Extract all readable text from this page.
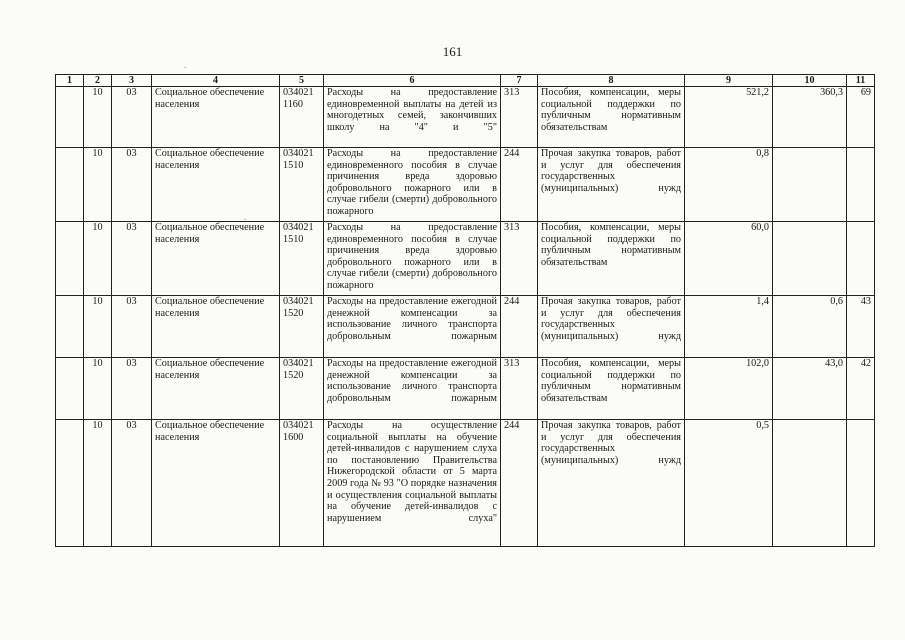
161
1	2	3	4	5	6	7	8	9	10	11
	10	03	Социальное обеспечение населения	034021 1160	Расходы на предоставление единовременной выплаты на детей из многодетных семей, закончивших школу на "4" и "5"	313	Пособия, компенсации, меры социальной поддержки по публичным нормативным обязательствам	521,2	360,3	69
	10	03	Социальное обеспечение населения	034021 1510	Расходы на предоставление единовременного пособия в случае причинения вреда здоровью добровольного пожарного или в случае гибели (смерти) добровольного пожарного	244	Прочая закупка товаров, работ и услуг для обеспечения государственных (муниципальных) нужд	0,8		
	10	03	Социальное обеспечение населения	034021 1510	Расходы на предоставление единовременного пособия в случае причинения вреда здоровью добровольного пожарного или в случае гибели (смерти) добровольного пожарного	313	Пособия, компенсации, меры социальной поддержки по публичным нормативным обязательствам	60,0		
	10	03	Социальное обеспечение населения	034021 1520	Расходы на предоставление ежегодной денежной компенсации за использование личного транспорта добровольным пожарным	244	Прочая закупка товаров, работ и услуг для обеспечения государственных (муниципальных) нужд	1,4	0,6	43
	10	03	Социальное обеспечение населения	034021 1520	Расходы на предоставление ежегодной денежной компенсации за использование личного транспорта добровольным пожарным	313	Пособия, компенсации, меры социальной поддержки по публичным нормативным обязательствам	102,0	43,0	42
	10	03	Социальное обеспечение населения	034021 1600	Расходы на осуществление социальной выплаты на обучение детей-инвалидов с нарушением слуха по постановлению Правительства Нижегородской области от 5 марта 2009 года № 93 "О порядке назначения и осуществления социальной выплаты на обучение детей-инвалидов с нарушением слуха"	244	Прочая закупка товаров, работ и услуг для обеспечения государственных (муниципальных) нужд	0,5		
.
.
